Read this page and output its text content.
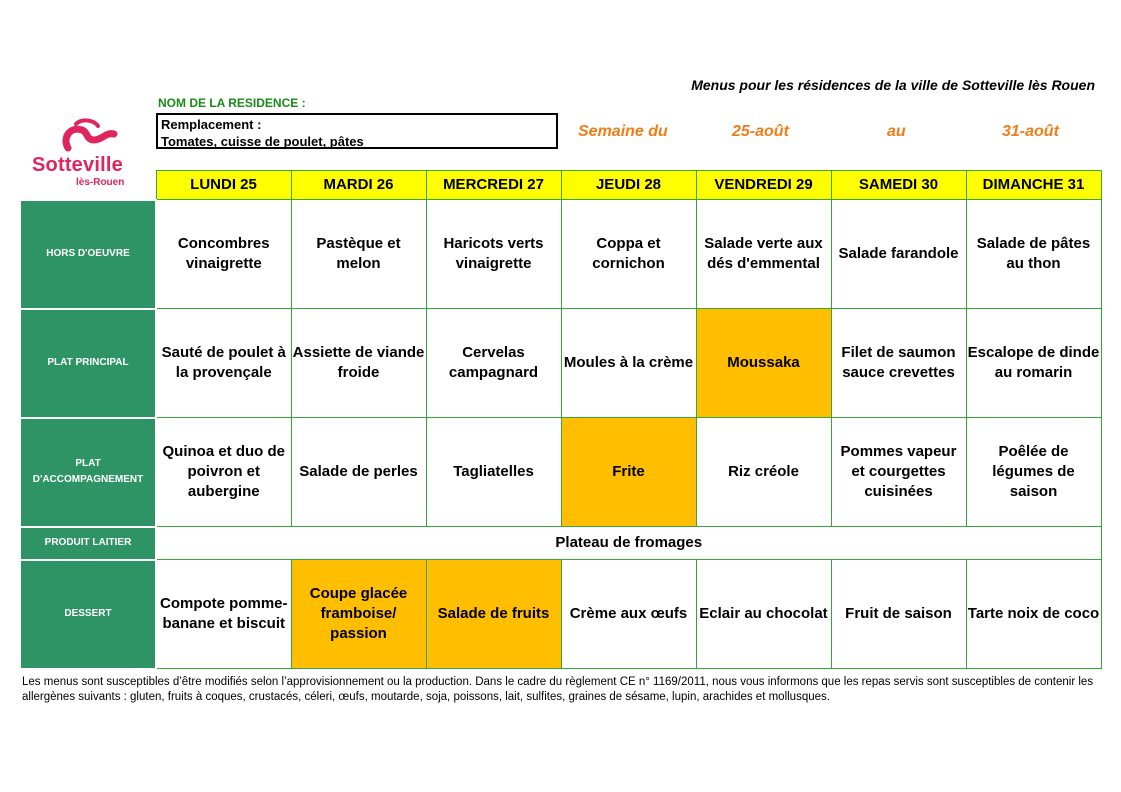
Menus pour les résidences de la ville de Sotteville lès Rouen
Sotteville
lès-Rouen
NOM DE LA RESIDENCE :
Remplacement :
Tomates, cuisse de poulet, pâtes
Semaine du	25-août	au	31-août
	LUNDI 25	MARDI 26	MERCREDI 27	JEUDI 28	VENDREDI 29	SAMEDI 30	DIMANCHE 31
HORS D'OEUVRE	Concombres vinaigrette	Pastèque et melon	Haricots verts vinaigrette	Coppa et cornichon	Salade verte aux dés d'emmental	Salade farandole	Salade de pâtes au thon
PLAT PRINCIPAL	Sauté de poulet à la provençale	Assiette de viande froide	Cervelas campagnard	Moules à la crème	Moussaka	Filet de saumon sauce crevettes	Escalope de dinde au romarin
PLAT D'ACCOMPAGNEMENT	Quinoa et duo de poivron et aubergine	Salade de perles	Tagliatelles	Frite	Riz créole	Pommes vapeur et courgettes cuisinées	Poêlée de légumes de saison
PRODUIT LAITIER	Plateau de fromages						
DESSERT	Compote pomme-banane et biscuit	Coupe glacée framboise/ passion	Salade de fruits	Crème aux œufs	Eclair au chocolat	Fruit de saison	Tarte noix de coco
Les menus sont susceptibles d’être modifiés selon l’approvisionnement ou la production. Dans le cadre du règlement CE n° 1169/2011, nous vous informons que les repas servis sont susceptibles de contenir les allergènes suivants : gluten, fruits à coques, crustacés, céleri, œufs, moutarde, soja, poissons, lait, sulfites, graines de sésame, lupin, arachides et mollusques.
